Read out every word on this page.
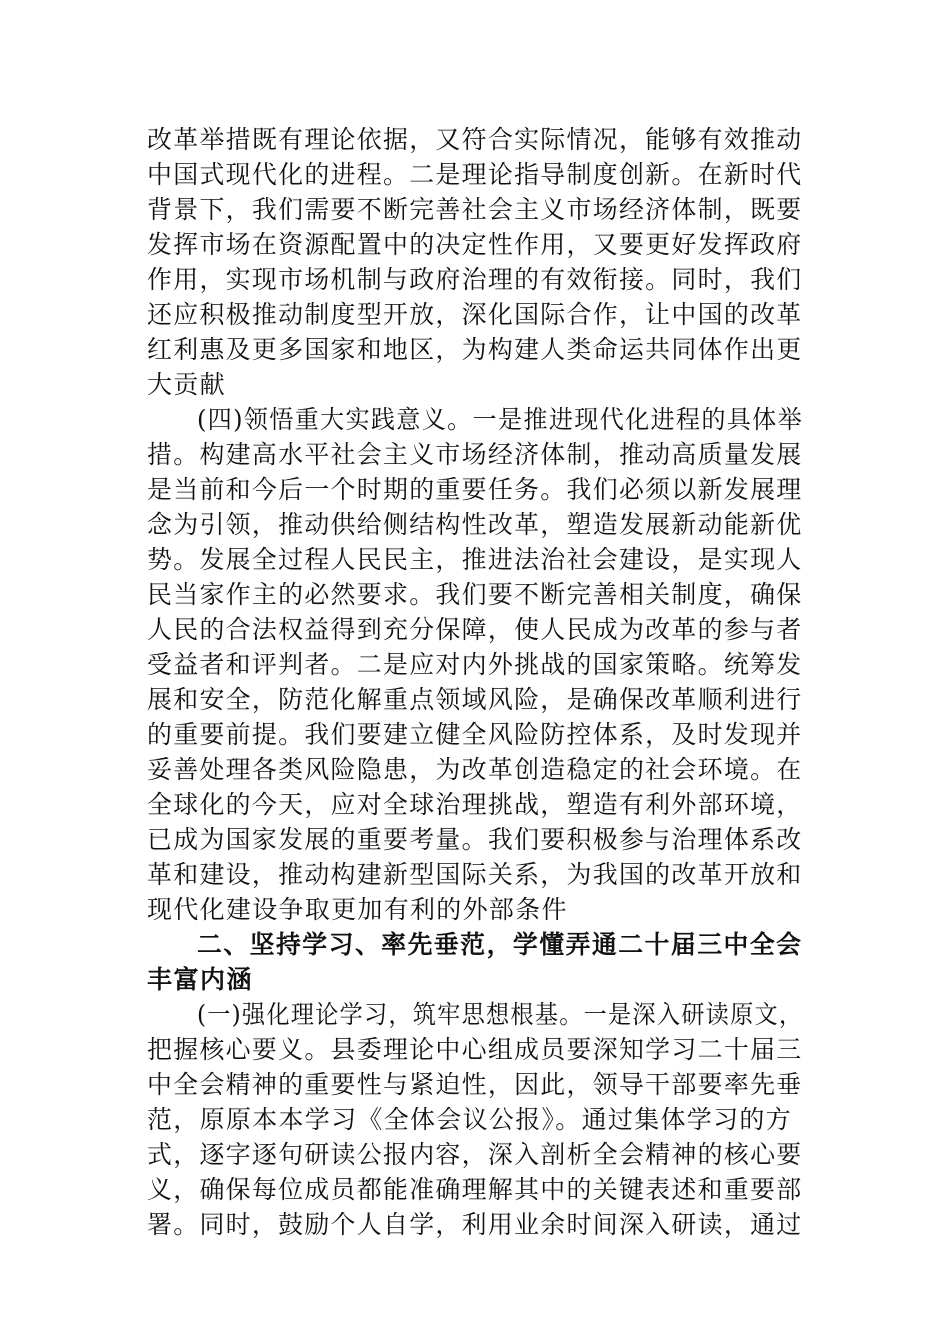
改革举措既有理论依据，又符合实际情况，能够有效推动
中国式现代化的进程。二是理论指导制度创新。在新时代
背景下，我们需要不断完善社会主义市场经济体制，既要
发挥市场在资源配置中的决定性作用，又要更好发挥政府
作用，实现市场机制与政府治理的有效衔接。同时，我们
还应积极推动制度型开放，深化国际合作，让中国的改革
红利惠及更多国家和地区，为构建人类命运共同体作出更
大贡献
(四)领悟重大实践意义。一是推进现代化进程的具体举
措。构建高水平社会主义市场经济体制，推动高质量发展
是当前和今后一个时期的重要任务。我们必须以新发展理
念为引领，推动供给侧结构性改革，塑造发展新动能新优
势。发展全过程人民民主，推进法治社会建设，是实现人
民当家作主的必然要求。我们要不断完善相关制度，确保
人民的合法权益得到充分保障，使人民成为改革的参与者
受益者和评判者。二是应对内外挑战的国家策略。统筹发
展和安全，防范化解重点领域风险，是确保改革顺利进行
的重要前提。我们要建立健全风险防控体系，及时发现并
妥善处理各类风险隐患，为改革创造稳定的社会环境。在
全球化的今天，应对全球治理挑战，塑造有利外部环境，
已成为国家发展的重要考量。我们要积极参与治理体系改
革和建设，推动构建新型国际关系，为我国的改革开放和
现代化建设争取更加有利的外部条件
二、坚持学习、率先垂范，学懂弄通二十届三中全会
丰富内涵
(一)强化理论学习，筑牢思想根基。一是深入研读原文，
把握核心要义。县委理论中心组成员要深知学习二十届三
中全会精神的重要性与紧迫性，因此，领导干部要率先垂
范，原原本本学习《全体会议公报》。通过集体学习的方
式，逐字逐句研读公报内容，深入剖析全会精神的核心要
义，确保每位成员都能准确理解其中的关键表述和重要部
署。同时，鼓励个人自学，利用业余时间深入研读，通过
